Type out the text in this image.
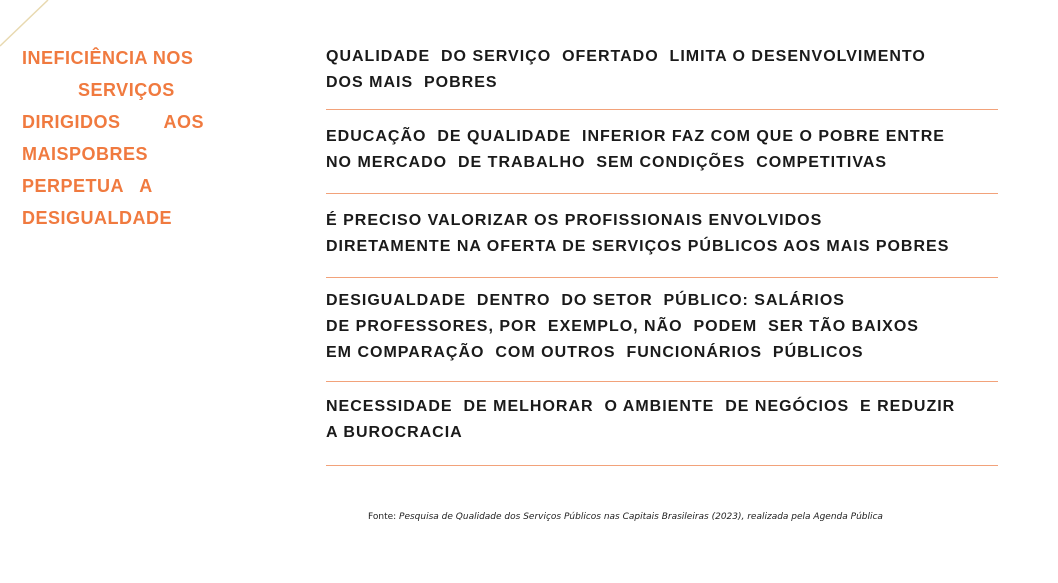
INEFICIÊNCIA NOS
SERVIÇOS
DIRIGIDOS AOS
MAISPOBRES
PERPETUA A
DESIGUALDADE
QUALIDADE  DO SERVIÇO  OFERTADO  LIMITA O DESENVOLVIMENTO
DOS MAIS  POBRES
EDUCAÇÃO  DE QUALIDADE  INFERIOR FAZ COM QUE O POBRE ENTRE
NO MERCADO  DE TRABALHO  SEM CONDIÇÕES  COMPETITIVAS
É PRECISO VALORIZAR OS PROFISSIONAIS ENVOLVIDOS
DIRETAMENTE NA OFERTA DE SERVIÇOS PÚBLICOS AOS MAIS POBRES
DESIGUALDADE  DENTRO  DO SETOR  PÚBLICO: SALÁRIOS
DE PROFESSORES, POR  EXEMPLO, NÃO  PODEM  SER TÃO BAIXOS
EM COMPARAÇÃO  COM OUTROS  FUNCIONÁRIOS  PÚBLICOS
NECESSIDADE  DE MELHORAR  O AMBIENTE  DE NEGÓCIOS  E REDUZIR
A BUROCRACIA
Fonte: Pesquisa de Qualidade dos Serviços Públicos nas Capitais Brasileiras (2023), realizada pela Agenda Pública
